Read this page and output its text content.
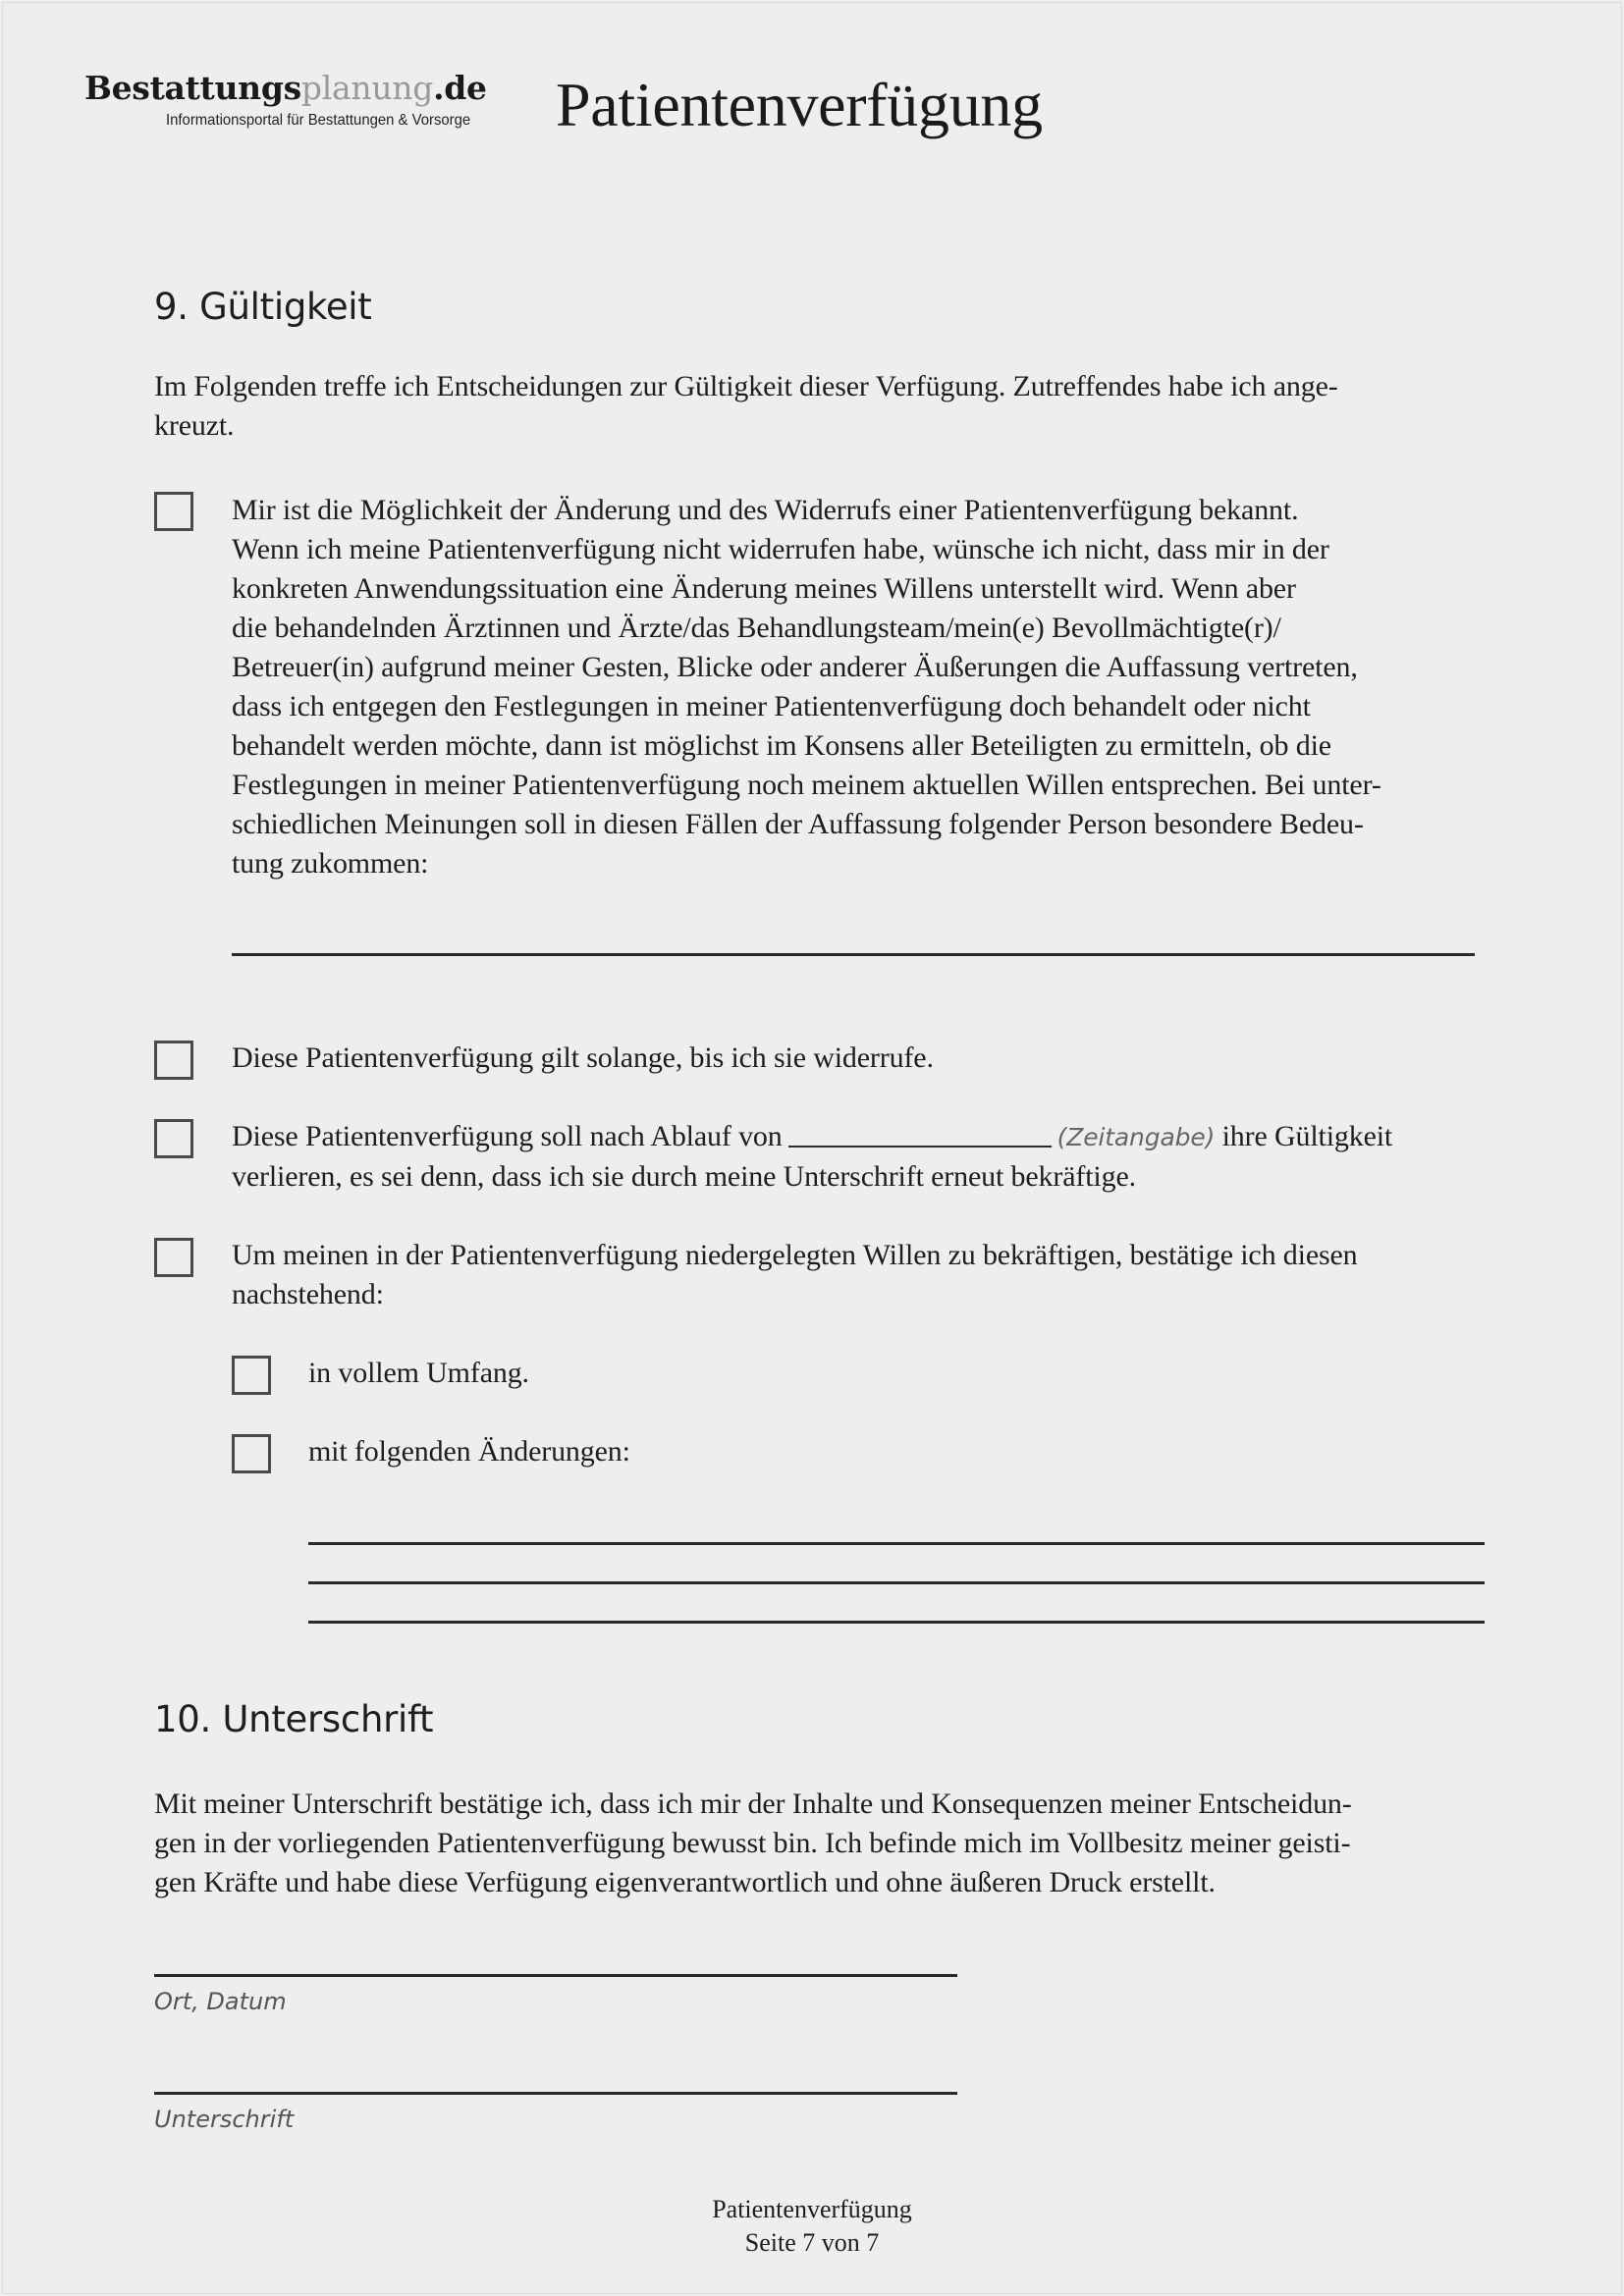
Bestattungsplanung.de
Informationsportal für Bestattungen & Vorsorge Patientenverfügung
9. Gültigkeit
Im Folgenden treffe ich Entscheidungen zur Gültigkeit dieser Verfügung. Zutreffendes habe ich ange-
kreuzt.
Mir ist die Möglichkeit der Änderung und des Widerrufs einer Patientenverfügung bekannt.
Wenn ich meine Patientenverfügung nicht widerrufen habe, wünsche ich nicht, dass mir in der
konkreten Anwendungssituation eine Änderung meines Willens unterstellt wird. Wenn aber
die behandelnden Ärztinnen und Ärzte/das Behandlungsteam/mein(e) Bevollmächtigte(r)/
Betreuer(in) aufgrund meiner Gesten, Blicke oder anderer Äußerungen die Auffassung vertreten,
dass ich entgegen den Festlegungen in meiner Patientenverfügung doch behandelt oder nicht
behandelt werden möchte, dann ist möglichst im Konsens aller Beteiligten zu ermitteln, ob die
Festlegungen in meiner Patientenverfügung noch meinem aktuellen Willen entsprechen. Bei unter-
schiedlichen Meinungen soll in diesen Fällen der Auffassung folgender Person besondere Bedeu-
tung zukommen:
Diese Patientenverfügung gilt solange, bis ich sie widerrufe.
Diese Patientenverfügung soll nach Ablauf von	(Zeitangabe) ihre Gültigkeit
verlieren, es sei denn, dass ich sie durch meine Unterschrift erneut bekräftige.
Um meinen in der Patientenverfügung niedergelegten Willen zu bekräftigen, bestätige ich diesen
nachstehend:
in vollem Umfang.
mit folgenden Änderungen:
10. Unterschrift
Mit meiner Unterschrift bestätige ich, dass ich mir der Inhalte und Konsequenzen meiner Entscheidun-
gen in der vorliegenden Patientenverfügung bewusst bin. Ich befinde mich im Vollbesitz meiner geisti-
gen Kräfte und habe diese Verfügung eigenverantwortlich und ohne äußeren Druck erstellt.
Ort, Datum
Unterschrift
Patientenverfügung
Seite 7 von 7
